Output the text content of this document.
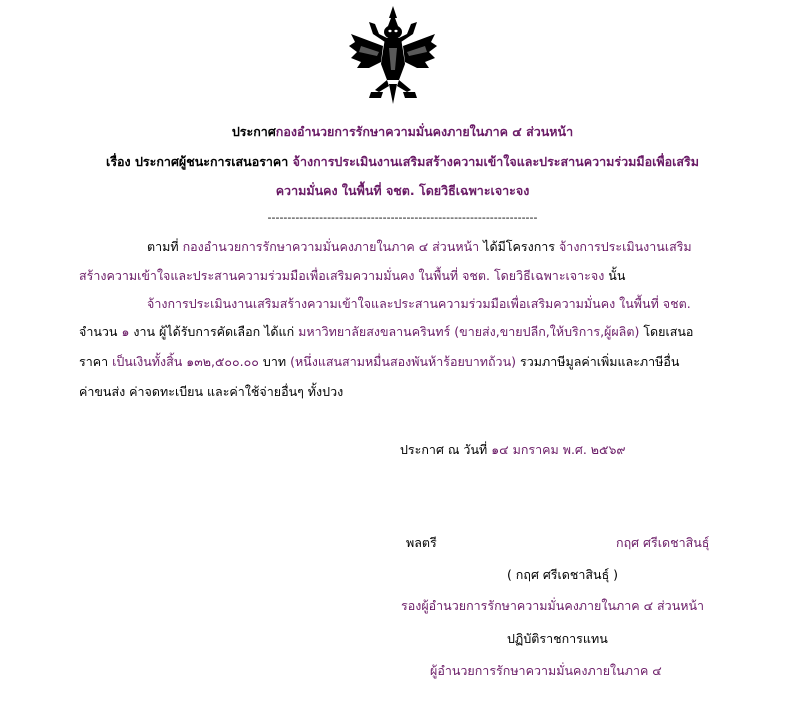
ประกาศกองอำนวยการรักษาความมั่นคงภายในภาค ๔ ส่วนหน้า
เรื่อง ประกาศผู้ชนะการเสนอราคา จ้างการประเมินงานเสริมสร้างความเข้าใจและประสานความร่วมมือเพื่อเสริม
ความมั่นคง ในพื้นที่ จชต. โดยวิธีเฉพาะเจาะจง
--------------------------------------------------------------------
ตามที่ กองอำนวยการรักษาความมั่นคงภายในภาค ๔ ส่วนหน้า ได้มีโครงการ จ้างการประเมินงานเสริม
สร้างความเข้าใจและประสานความร่วมมือเพื่อเสริมความมั่นคง ในพื้นที่ จชต. โดยวิธีเฉพาะเจาะจง นั้น
จ้างการประเมินงานเสริมสร้างความเข้าใจและประสานความร่วมมือเพื่อเสริมความมั่นคง ในพื้นที่ จชต.
จำนวน ๑ งาน ผู้ได้รับการคัดเลือก ได้แก่ มหาวิทยาลัยสงขลานครินทร์ (ขายส่ง,ขายปลีก,ให้บริการ,ผู้ผลิต) โดยเสนอ
ราคา เป็นเงินทั้งสิ้น ๑๓๒,๕๐๐.๐๐ บาท (หนึ่งแสนสามหมื่นสองพันห้าร้อยบาทถ้วน) รวมภาษีมูลค่าเพิ่มและภาษีอื่น
ค่าขนส่ง ค่าจดทะเบียน และค่าใช้จ่ายอื่นๆ ทั้งปวง
ประกาศ ณ วันที่ ๑๔ มกราคม พ.ศ. ๒๕๖๙
พลตรี	กฤศ ศรีเดชาสินธุ์
( กฤศ ศรีเดชาสินธุ์ )
รองผู้อำนวยการรักษาความมั่นคงภายในภาค ๔ ส่วนหน้า
ปฏิบัติราชการแทน
ผู้อำนวยการรักษาความมั่นคงภายในภาค ๔
